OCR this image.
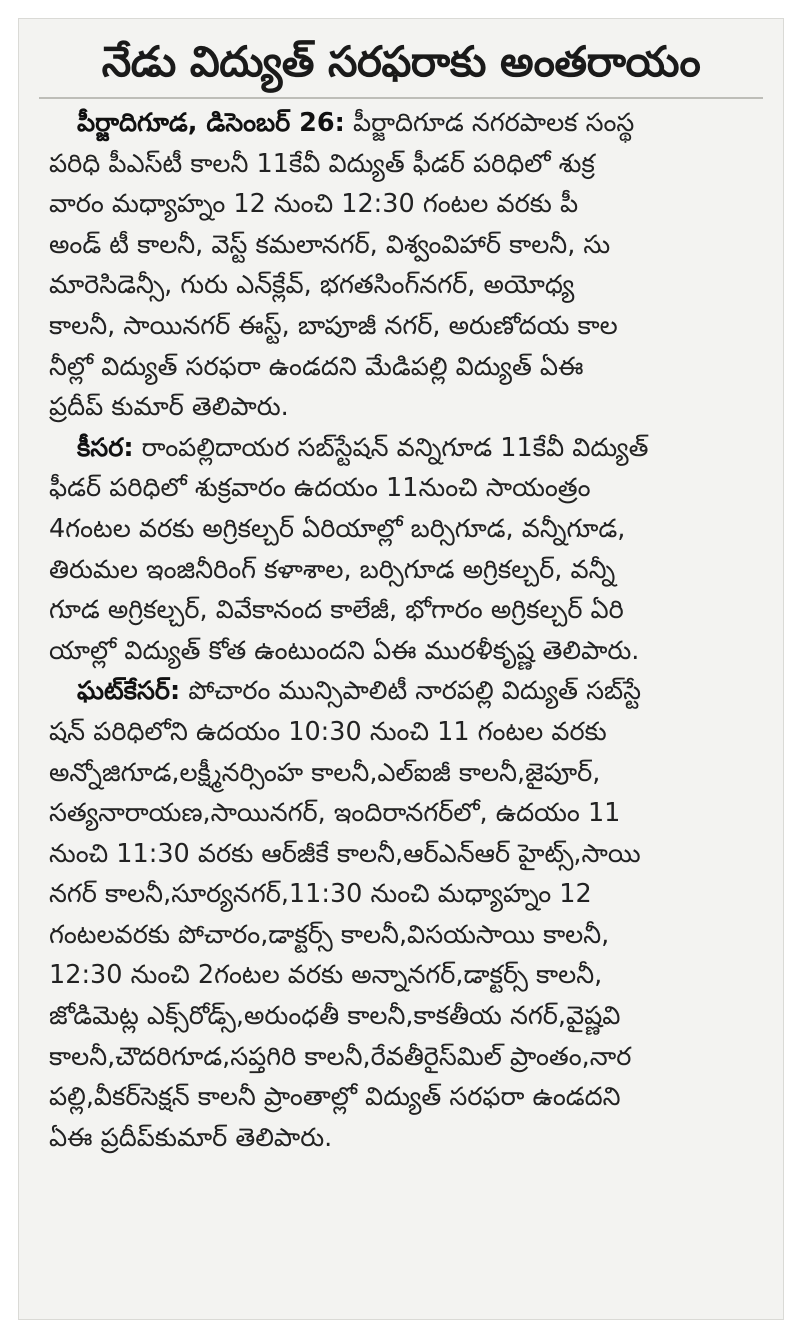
నేడు విద్యుత్ సరఫరాకు అంతరాయం

పీర్జాదిగూడ, డిసెంబర్ 26: పీర్జాదిగూడ నగరపాలక సంస్థ
పరిధి పీఎస్‌టీ కాలనీ 11కేవీ విద్యుత్ ఫీడర్ పరిధిలో శుక్ర
వారం మధ్యాహ్నం 12 నుంచి 12:30 గంటల వరకు పీ
అండ్ టీ కాలనీ, వెస్ట్ కమలానగర్, విశ్వంవిహార్ కాలనీ, సు
మారెసిడెన్సీ, గురు ఎన్‌క్లేవ్, భగతసింగ్‌నగర్, అయోధ్య
కాలనీ, సాయినగర్ ఈస్ట్, బాపూజీ నగర్, అరుణోదయ కాల
నీల్లో విద్యుత్ సరఫరా ఉండదని మేడిపల్లి విద్యుత్ ఏఈ
ప్రదీప్ కుమార్ తెలిపారు.

కీసర: రాంపల్లిదాయర సబ్‌స్టేషన్ వన్నిగూడ 11కేవీ విద్యుత్
ఫీడర్ పరిధిలో శుక్రవారం ఉదయం 11నుంచి సాయంత్రం
4గంటల వరకు అగ్రికల్చర్ ఏరియాల్లో బర్సిగూడ, వన్నీగూడ,
తిరుమల ఇంజినీరింగ్ కళాశాల, బర్సిగూడ అగ్రికల్చర్, వన్నీ
గూడ అగ్రికల్చర్, వివేకానంద కాలేజీ, భోగారం అగ్రికల్చర్ ఏరి
యాల్లో విద్యుత్ కోత ఉంటుందని ఏఈ మురళీకృష్ణ తెలిపారు.

ఘట్‌కేసర్: పోచారం మున్సిపాలిటీ నారపల్లి విద్యుత్ సబ్‌స్టే
షన్ పరిధిలోని ఉదయం 10:30 నుంచి 11 గంటల వరకు
అన్నోజిగూడ,లక్ష్మీనర్సింహ కాలనీ,ఎల్ఐజీ కాలనీ,జైపూర్,
సత్యనారాయణ,సాయినగర్, ఇందిరానగర్‌లో, ఉదయం 11
నుంచి 11:30 వరకు ఆర్‌జీకే కాలనీ,ఆర్ఎన్ఆర్ హైట్స్,సాయి
నగర్ కాలనీ,సూర్యనగర్,11:30 నుంచి మధ్యాహ్నం 12
గంటలవరకు పోచారం,డాక్టర్స్ కాలనీ,విసయసాయి కాలనీ,
12:30 నుంచి 2గంటల వరకు అన్నానగర్,డాక్టర్స్ కాలనీ,
జోడిమెట్ల ఎక్స్‌రోడ్స్,అరుంధతీ కాలనీ,కాకతీయ నగర్,వైష్ణవి
కాలనీ,చౌదరిగూడ,సప్తగిరి కాలనీ,రేవతీరైస్‌మిల్ ప్రాంతం,నార
పల్లి,వీకర్‌సెక్షన్ కాలనీ ప్రాంతాల్లో విద్యుత్ సరఫరా ఉండదని
ఏఈ ప్రదీప్‌కుమార్ తెలిపారు.
